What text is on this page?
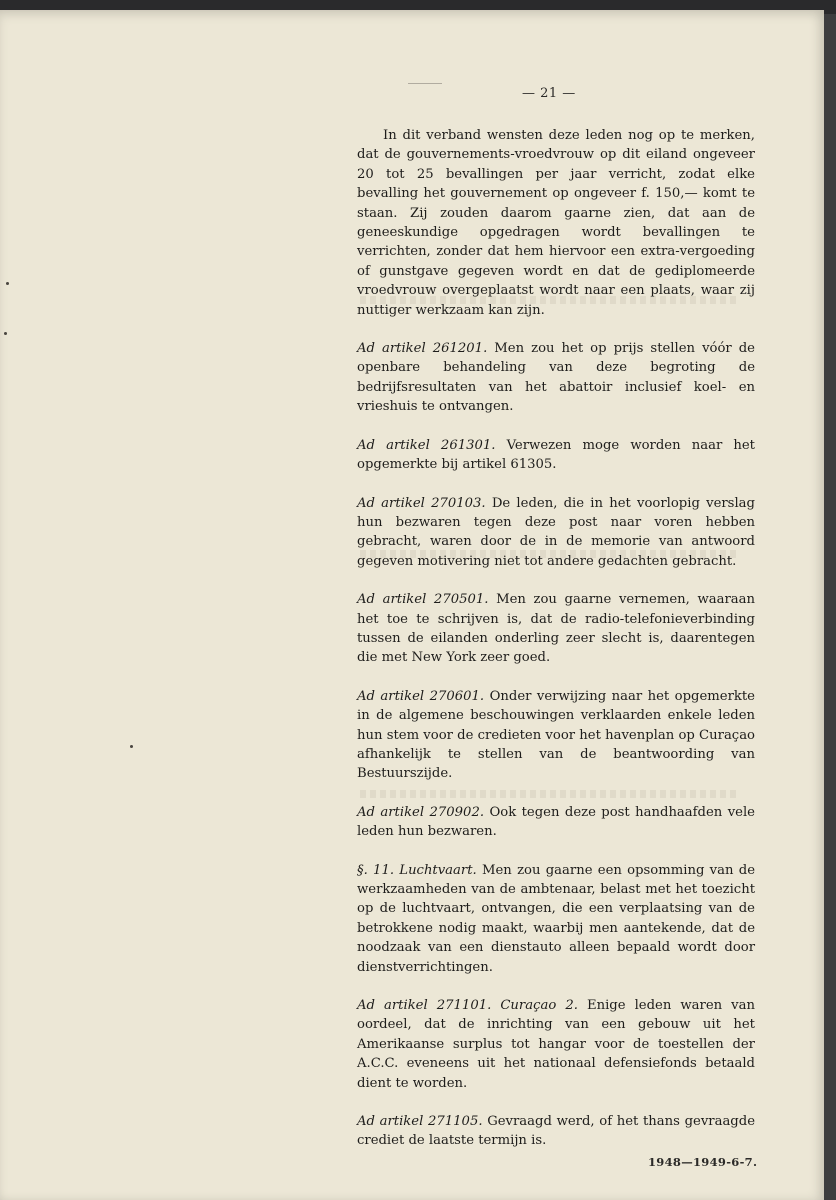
— 21 —

In dit verband wensten deze leden nog op te merken, dat de gouvernements-vroedvrouw op dit eiland ongeveer 20 tot 25 bevallingen per jaar verricht, zodat elke bevalling het gouvernement op ongeveer f. 150,— komt te staan. Zij zouden daarom gaarne zien, dat aan de geneeskundige opgedragen wordt bevallingen te verrichten, zonder dat hem hiervoor een extra-vergoeding of gunstgave gegeven wordt en dat de gediplomeerde vroedvrouw overgeplaatst wordt naar een plaats, waar zij nuttiger werkzaam kan zijn.

Ad artikel 261201. Men zou het op prijs stellen vóór de openbare behandeling van deze begroting de bedrijfsresultaten van het abattoir inclusief koel- en vrieshuis te ontvangen.

Ad artikel 261301. Verwezen moge worden naar het opgemerkte bij artikel 61305.

Ad artikel 270103. De leden, die in het voorlopig verslag hun bezwaren tegen deze post naar voren hebben gebracht, waren door de in de memorie van antwoord gegeven motivering niet tot andere gedachten gebracht.

Ad artikel 270501. Men zou gaarne vernemen, waaraan het toe te schrijven is, dat de radio-telefonieverbinding tussen de eilanden onderling zeer slecht is, daarentegen die met New York zeer goed.

Ad artikel 270601. Onder verwijzing naar het opgemerkte in de algemene beschouwingen verklaarden enkele leden hun stem voor de credieten voor het havenplan op Curaçao afhankelijk te stellen van de beantwoording van Bestuurszijde.

Ad artikel 270902. Ook tegen deze post handhaafden vele leden hun bezwaren.

§. 11. Luchtvaart. Men zou gaarne een opsomming van de werkzaamheden van de ambtenaar, belast met het toezicht op de luchtvaart, ontvangen, die een verplaatsing van de betrokkene nodig maakt, waarbij men aantekende, dat de noodzaak van een dienstauto alleen bepaald wordt door dienstverrichtingen.

Ad artikel 271101. Curaçao 2. Enige leden waren van oordeel, dat de inrichting van een gebouw uit het Amerikaanse surplus tot hangar voor de toestellen der A.C.C. eveneens uit het nationaal defensiefonds betaald dient te worden.

Ad artikel 271105. Gevraagd werd, of het thans gevraagde crediet de laatste termijn is.

1948—1949-6-7.
